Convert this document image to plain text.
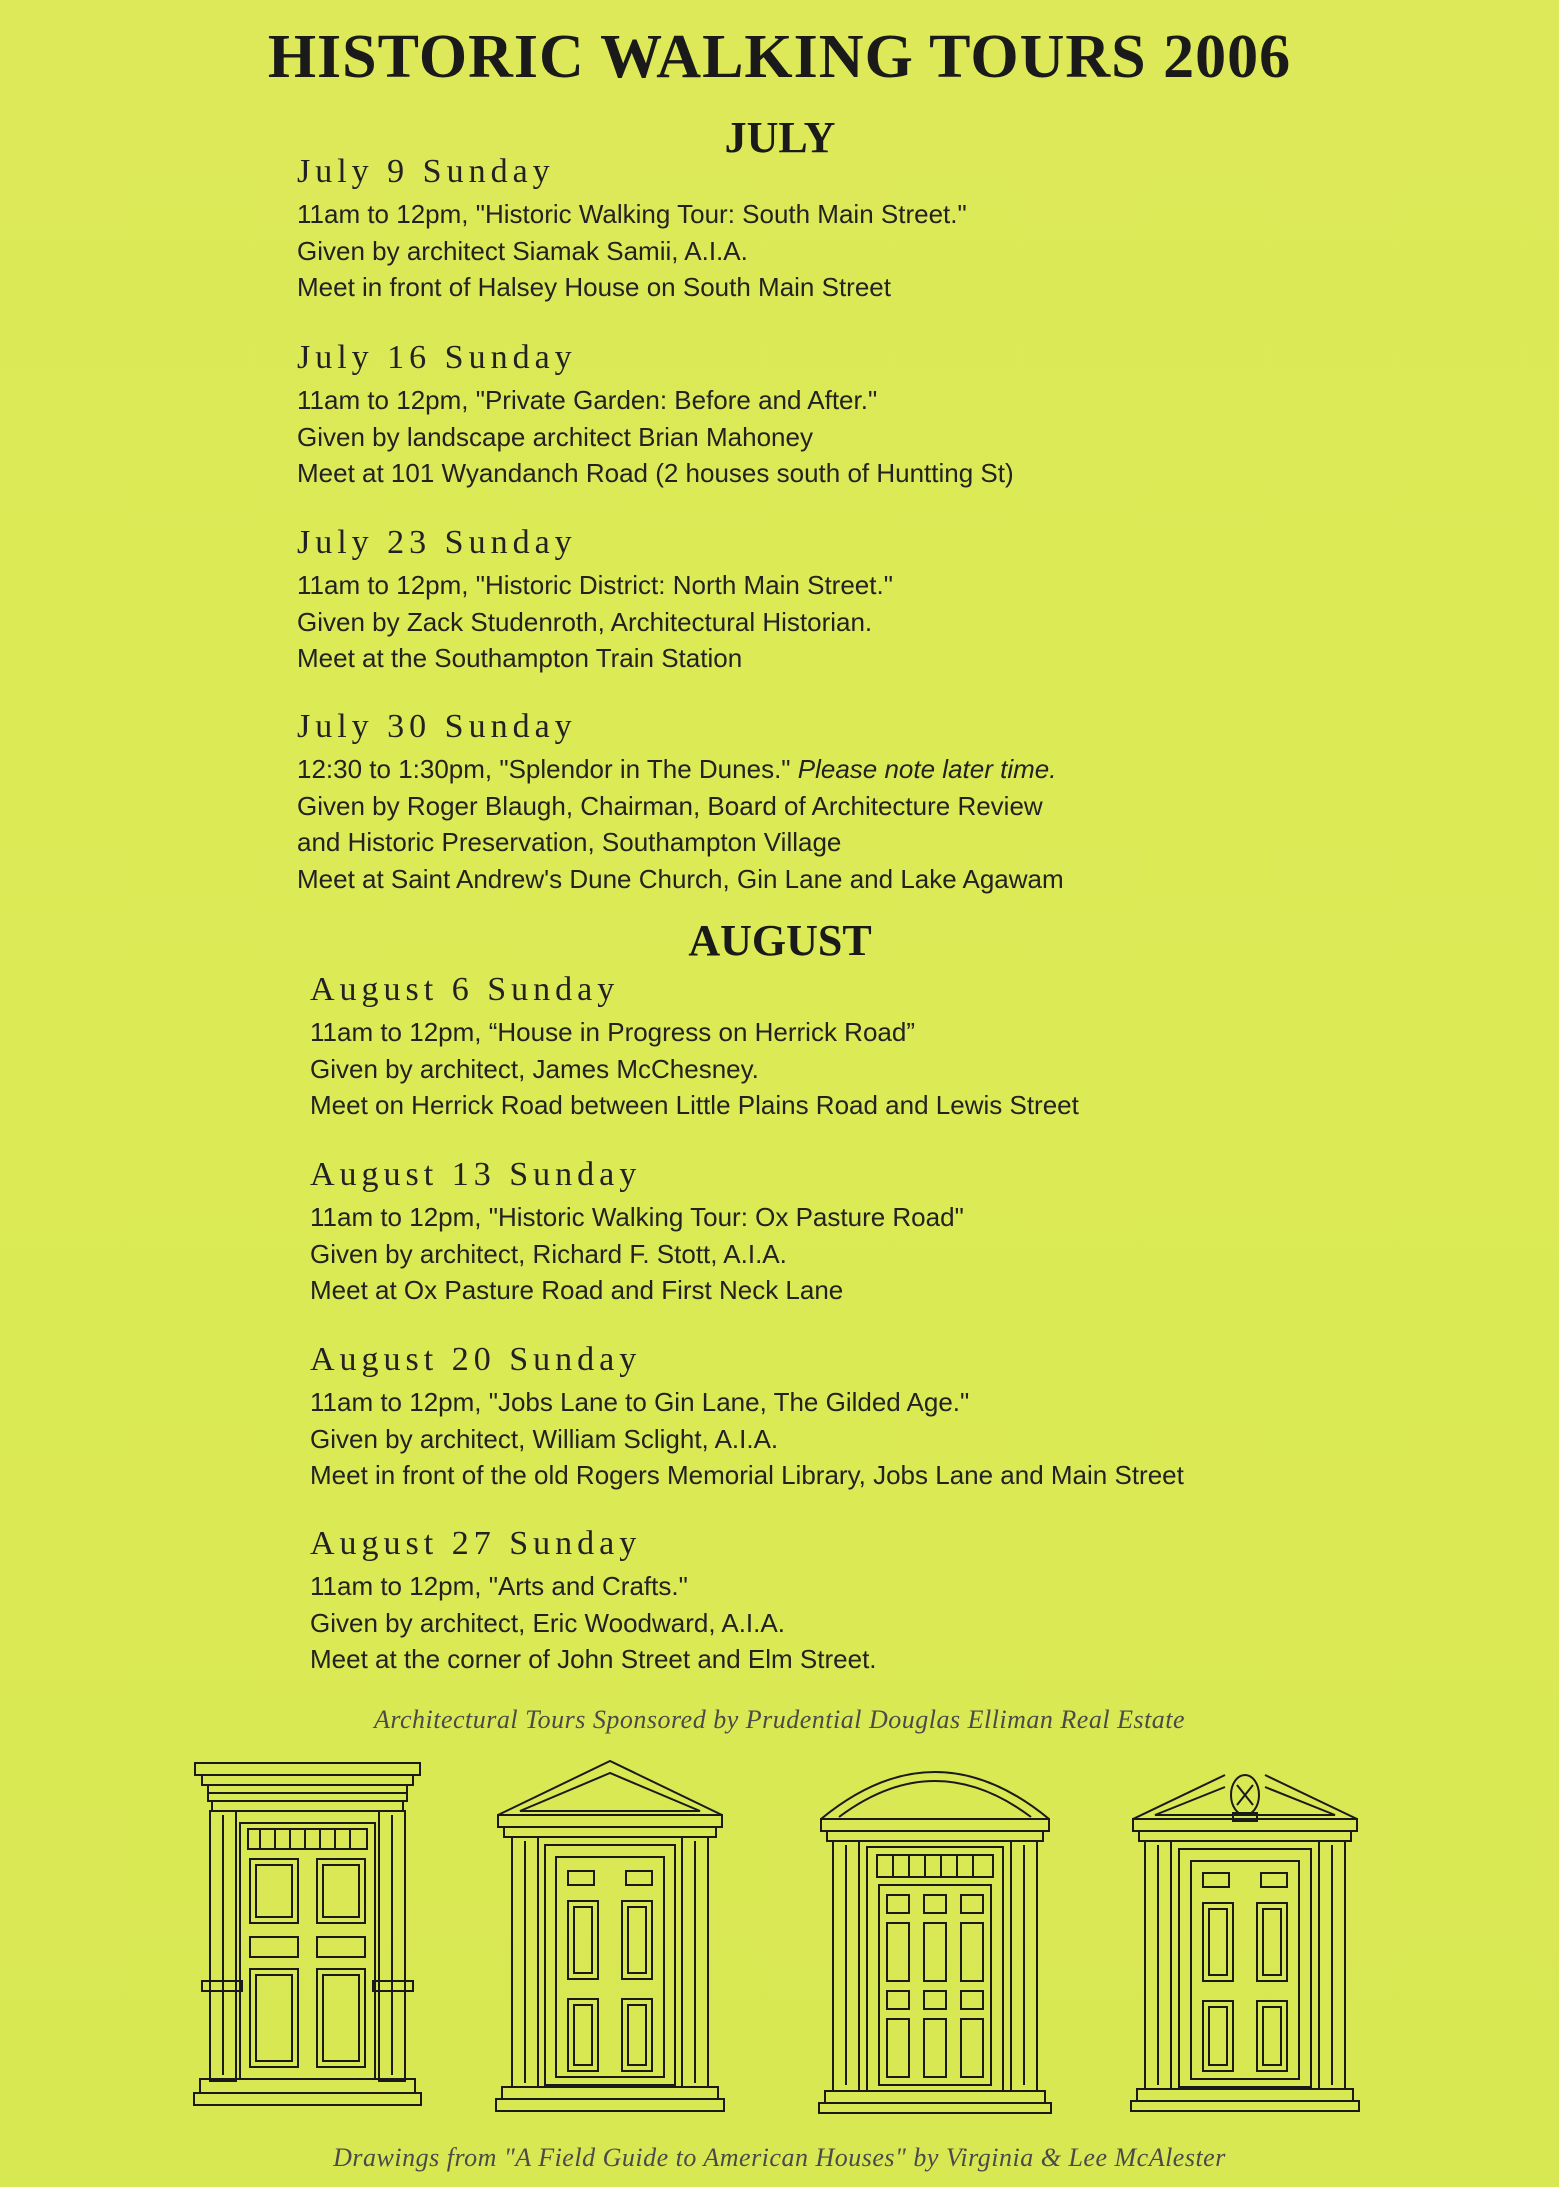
HISTORIC WALKING TOURS 2006
JULY
July 9 Sunday
11am to 12pm, "Historic Walking Tour: South Main Street."
Given by architect Siamak Samii, A.I.A.
Meet in front of Halsey House on South Main Street
July 16 Sunday
11am to 12pm, "Private Garden: Before and After."
Given by landscape architect Brian Mahoney
Meet at 101 Wyandanch Road (2 houses south of Huntting St)
July 23 Sunday
11am to 12pm, "Historic District: North Main Street."
Given by Zack Studenroth, Architectural Historian.
Meet at the Southampton Train Station
July 30 Sunday
12:30 to 1:30pm, "Splendor in The Dunes." Please note later time.
Given by Roger Blaugh, Chairman, Board of Architecture Review
and Historic Preservation, Southampton Village
Meet at Saint Andrew's Dune Church, Gin Lane and Lake Agawam
AUGUST
August 6 Sunday
11am to 12pm, “House in Progress on Herrick Road”
Given by architect, James McChesney.
Meet on Herrick Road between Little Plains Road and Lewis Street
August 13 Sunday
11am to 12pm, "Historic Walking Tour: Ox Pasture Road"
Given by architect, Richard F. Stott, A.I.A.
Meet at Ox Pasture Road and First Neck Lane
August 20 Sunday
11am to 12pm, "Jobs Lane to Gin Lane, The Gilded Age."
Given by architect, William Sclight, A.I.A.
Meet in front of the old Rogers Memorial Library, Jobs Lane and Main Street
August 27 Sunday
11am to 12pm, "Arts and Crafts."
Given by architect, Eric Woodward, A.I.A.
Meet at the corner of John Street and Elm Street.
Architectural Tours Sponsored by Prudential Douglas Elliman Real Estate
Drawings from "A Field Guide to American Houses" by Virginia & Lee McAlester
